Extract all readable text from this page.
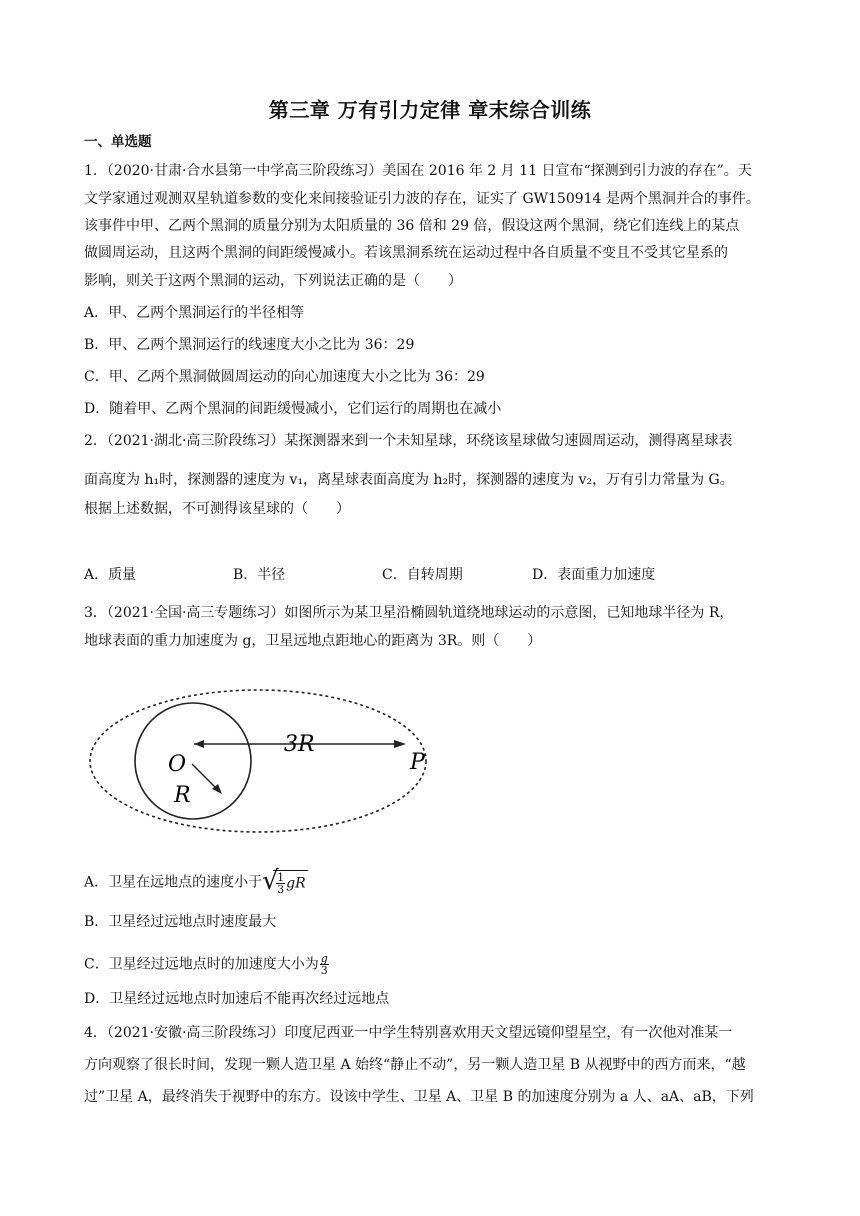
第三章 万有引力定律 章末综合训练
一、单选题
1．（2020·甘肃·合水县第一中学高三阶段练习）美国在 2016 年 2 月 11 日宣布“探测到引力波的存在”。天
文学家通过观测双星轨道参数的变化来间接验证引力波的存在，证实了 GW150914 是两个黑洞并合的事件。
该事件中甲、乙两个黑洞的质量分别为太阳质量的 36 倍和 29 倍，假设这两个黑洞，绕它们连线上的某点
做圆周运动，且这两个黑洞的间距缓慢减小。若该黑洞系统在运动过程中各自质量不变且不受其它星系的
影响，则关于这两个黑洞的运动，下列说法正确的是（　　）
A．甲、乙两个黑洞运行的半径相等
B．甲、乙两个黑洞运行的线速度大小之比为 36：29
C．甲、乙两个黑洞做圆周运动的向心加速度大小之比为 36：29
D．随着甲、乙两个黑洞的间距缓慢减小，它们运行的周期也在减小
2．（2021·湖北·高三阶段练习）某探测器来到一个未知星球，环绕该星球做匀速圆周运动，测得离星球表
面高度为 h₁时，探测器的速度为 v₁，离星球表面高度为 h₂时，探测器的速度为 v₂，万有引力常量为 G。
根据上述数据，不可测得该星球的（　　）
A．质量	B．半径	C．自转周期	D．表面重力加速度
3．（2021·全国·高三专题练习）如图所示为某卫星沿椭圆轨道绕地球运动的示意图，已知地球半径为 R，
地球表面的重力加速度为 g，卫星远地点距地心的距离为 3R。则（　　）
O
R
3R
P
A．卫星在远地点的速度小于 √
$\frac{1}{3}$ gR
B．卫星经过远地点时速度最大
C．卫星经过远地点时的加速度大小为 $\frac{g}{3}$
D．卫星经过远地点时加速后不能再次经过远地点
4．（2021·安徽·高三阶段练习）印度尼西亚一中学生特别喜欢用天文望远镜仰望星空，有一次他对准某一
方向观察了很长时间，发现一颗人造卫星 A 始终“静止不动”，另一颗人造卫星 B 从视野中的西方而来，“越
过”卫星 A，最终消失于视野中的东方。设该中学生、卫星 A、卫星 B 的加速度分别为 a 人、aA、aB，下列
